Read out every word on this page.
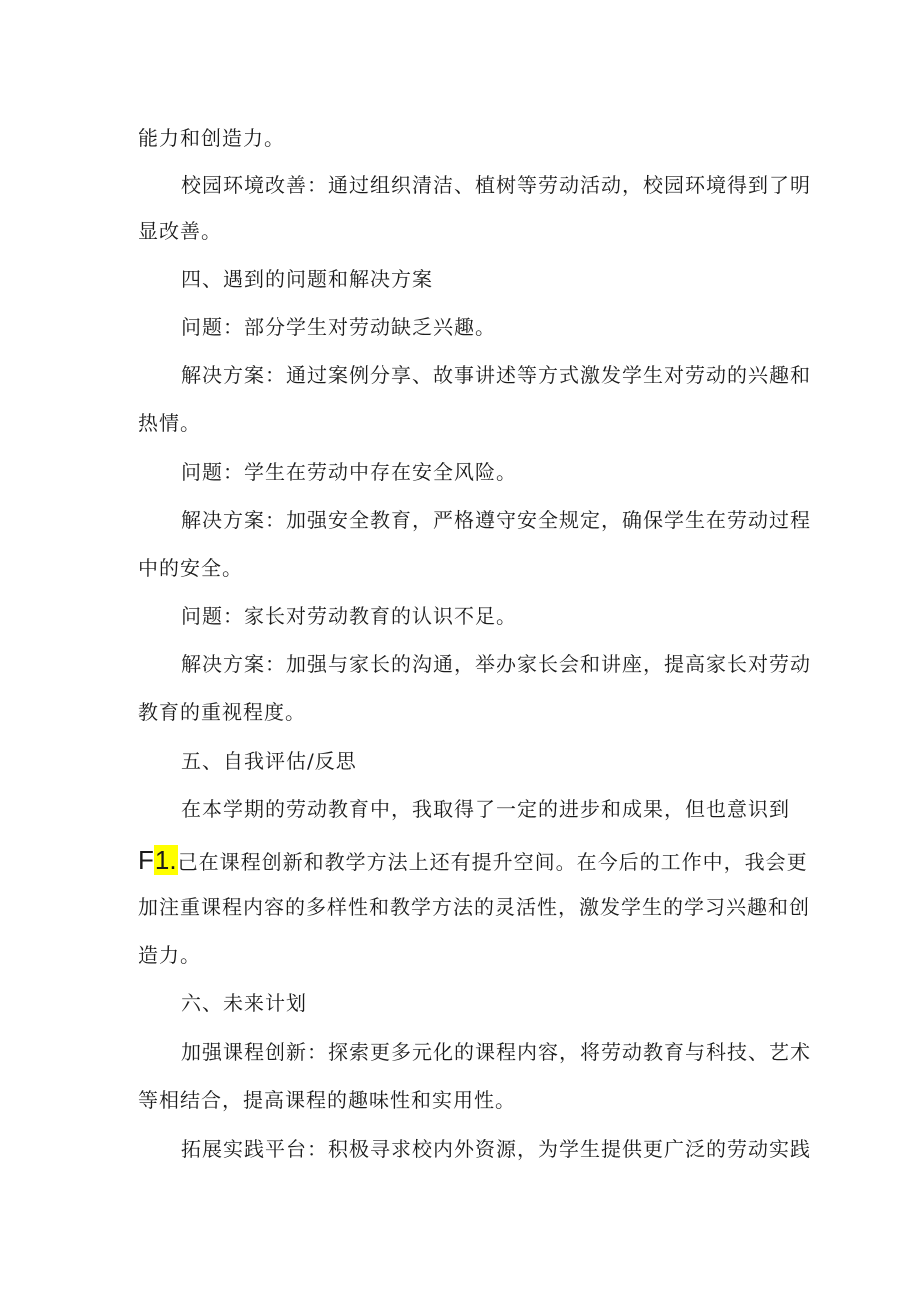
能力和创造力。
校园环境改善：通过组织清洁、植树等劳动活动，校园环境得到了明
显改善。
四、遇到的问题和解决方案
问题：部分学生对劳动缺乏兴趣。
解决方案：通过案例分享、故事讲述等方式激发学生对劳动的兴趣和
热情。
问题：学生在劳动中存在安全风险。
解决方案：加强安全教育，严格遵守安全规定，确保学生在劳动过程
中的安全。
问题：家长对劳动教育的认识不足。
解决方案：加强与家长的沟通，举办家长会和讲座，提高家长对劳动
教育的重视程度。
五、自我评估/反思
在本学期的劳动教育中，我取得了一定的进步和成果，但也意识到
F1.己在课程创新和教学方法上还有提升空间。在今后的工作中，我会更
加注重课程内容的多样性和教学方法的灵活性，激发学生的学习兴趣和创
造力。
六、未来计划
加强课程创新：探索更多元化的课程内容，将劳动教育与科技、艺术
等相结合，提高课程的趣味性和实用性。
拓展实践平台：积极寻求校内外资源，为学生提供更广泛的劳动实践
